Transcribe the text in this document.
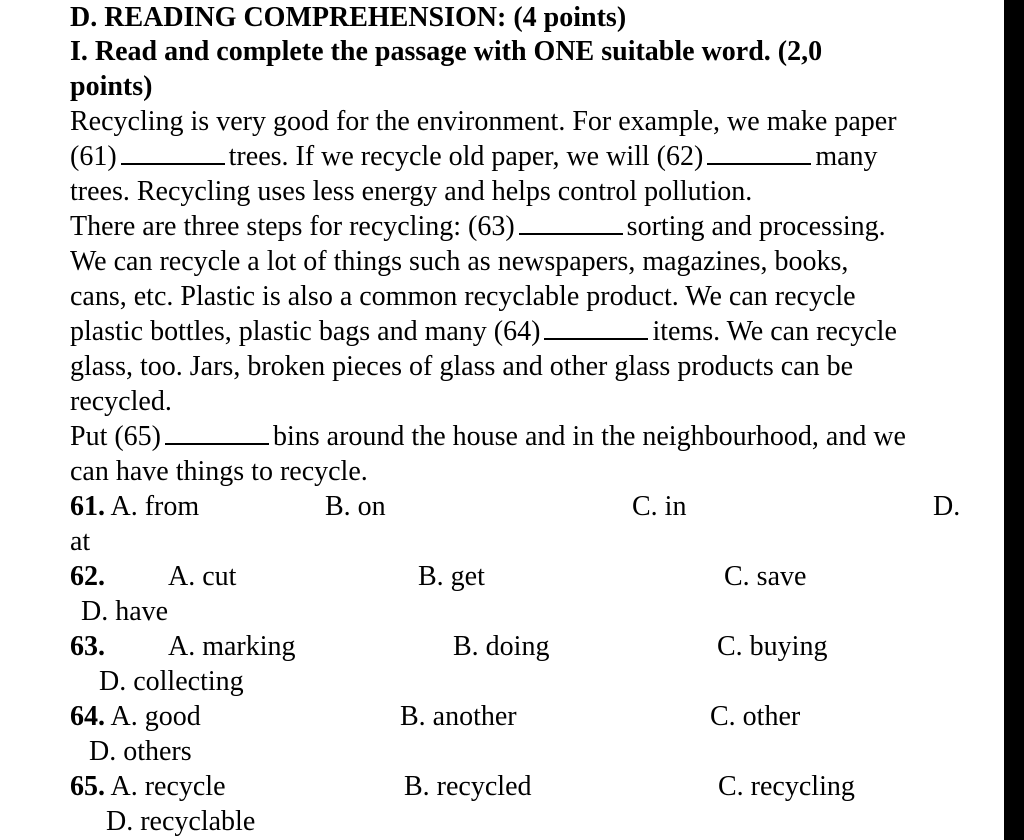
D. READING COMPREHENSION: (4 points)
I. Read and complete the passage with ONE suitable word. (2,0
points)
Recycling is very good for the environment. For example, we make paper
(61)	trees. If we recycle old paper, we will (62)	many
trees. Recycling uses less energy and helps control pollution.
There are three steps for recycling: (63)	sorting and processing.
We can recycle a lot of things such as newspapers, magazines, books,
cans, etc. Plastic is also a common recyclable product. We can recycle
plastic bottles, plastic bags and many (64)	items. We can recycle
glass, too. Jars, broken pieces of glass and other glass products can be
recycled.
Put (65)	bins around the house and in the neighbourhood, and we
can have things to recycle.
61. A. from	B. on	C. in	D.
at
62. A. cut	B. get	C. save
D. have
63. A. marking	B. doing	C. buying
D. collecting
64. A. good	B. another	C. other
D. others
65. A. recycle	B. recycled	C. recycling
D. recyclable
